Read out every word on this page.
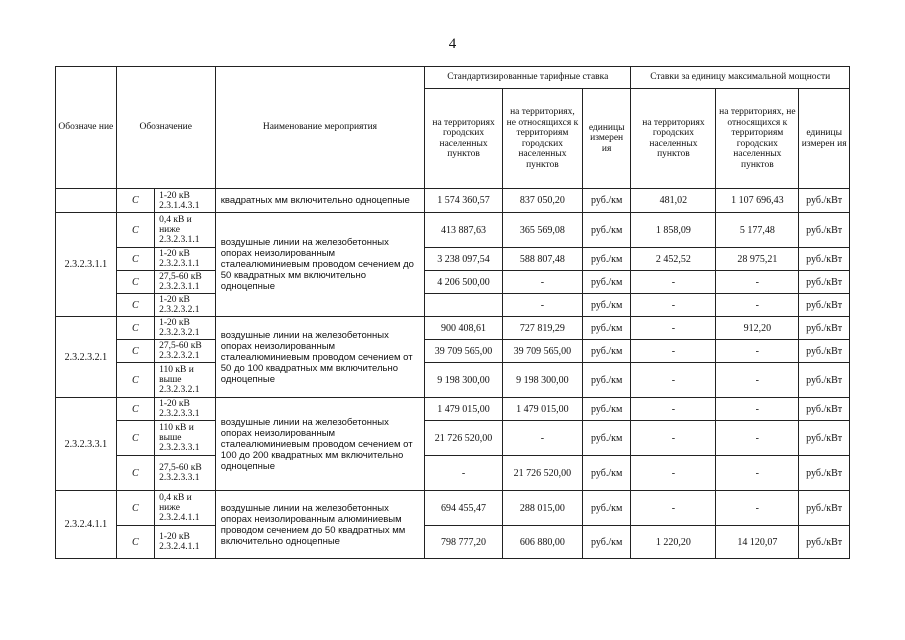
4
Обозначе ние	Обозначение		Наименование мероприятия	Стандартизированные тарифные ставка			Ставки за единицу максимальной мощности		
				на территориях городских населенных пунктов	на территориях, не относящихся к территориям городских населенных пунктов	единицы измерен ия	на территориях городских населенных пунктов	на территориях, не относящихся к территориям городских населенных пунктов	единицы измерен ия
	С	1-20 кВ 2.3.1.4.3.1	квадратных мм включительно одноцепные	1 574 360,57	837 050,20	руб./км	481,02	1 107 696,43	руб./кВт
2.3.2.3.1.1	С	0,4 кВ и ниже 2.3.2.3.1.1	воздушные линии на железобетонных опорах неизолированным сталеалюминиевым проводом сечением до 50 квадратных мм включительно одноцепные	413 887,63	365 569,08	руб./км	1 858,09	5 177,48	руб./кВт
	С	1-20 кВ 2.3.2.3.1.1		3 238 097,54	588 807,48	руб./км	2 452,52	28 975,21	руб./кВт
	С	27,5-60 кВ 2.3.2.3.1.1		4 206 500,00	-	руб./км	-	-	руб./кВт
	С	1-20 кВ 2.3.2.3.2.1			-	руб./км	-	-	руб./кВт
2.3.2.3.2.1	С	1-20 кВ 2.3.2.3.2.1	воздушные линии на железобетонных опорах неизолированным сталеалюминиевым проводом сечением от 50 до 100 квадратных мм включительно одноцепные	900 408,61	727 819,29	руб./км	-	912,20	руб./кВт
	С	27,5-60 кВ 2.3.2.3.2.1		39 709 565,00	39 709 565,00	руб./км	-	-	руб./кВт
	С	110 кВ и выше 2.3.2.3.2.1		9 198 300,00	9 198 300,00	руб./км	-	-	руб./кВт
2.3.2.3.3.1	С	1-20 кВ 2.3.2.3.3.1	воздушные линии на железобетонных опорах неизолированным сталеалюминиевым проводом сечением от 100 до 200 квадратных мм включительно одноцепные	1 479 015,00	1 479 015,00	руб./км	-	-	руб./кВт
	С	110 кВ и выше 2.3.2.3.3.1		21 726 520,00	-	руб./км	-	-	руб./кВт
	С	27,5-60 кВ 2.3.2.3.3.1		-	21 726 520,00	руб./км	-	-	руб./кВт
2.3.2.4.1.1	С	0,4 кВ и ниже 2.3.2.4.1.1	воздушные линии на железобетонных опорах неизолированным алюминиевым проводом сечением до 50 квадратных мм включительно одноцепные	694 455,47	288 015,00	руб./км	-	-	руб./кВт
	С	1-20 кВ 2.3.2.4.1.1		798 777,20	606 880,00	руб./км	1 220,20	14 120,07	руб./кВт
